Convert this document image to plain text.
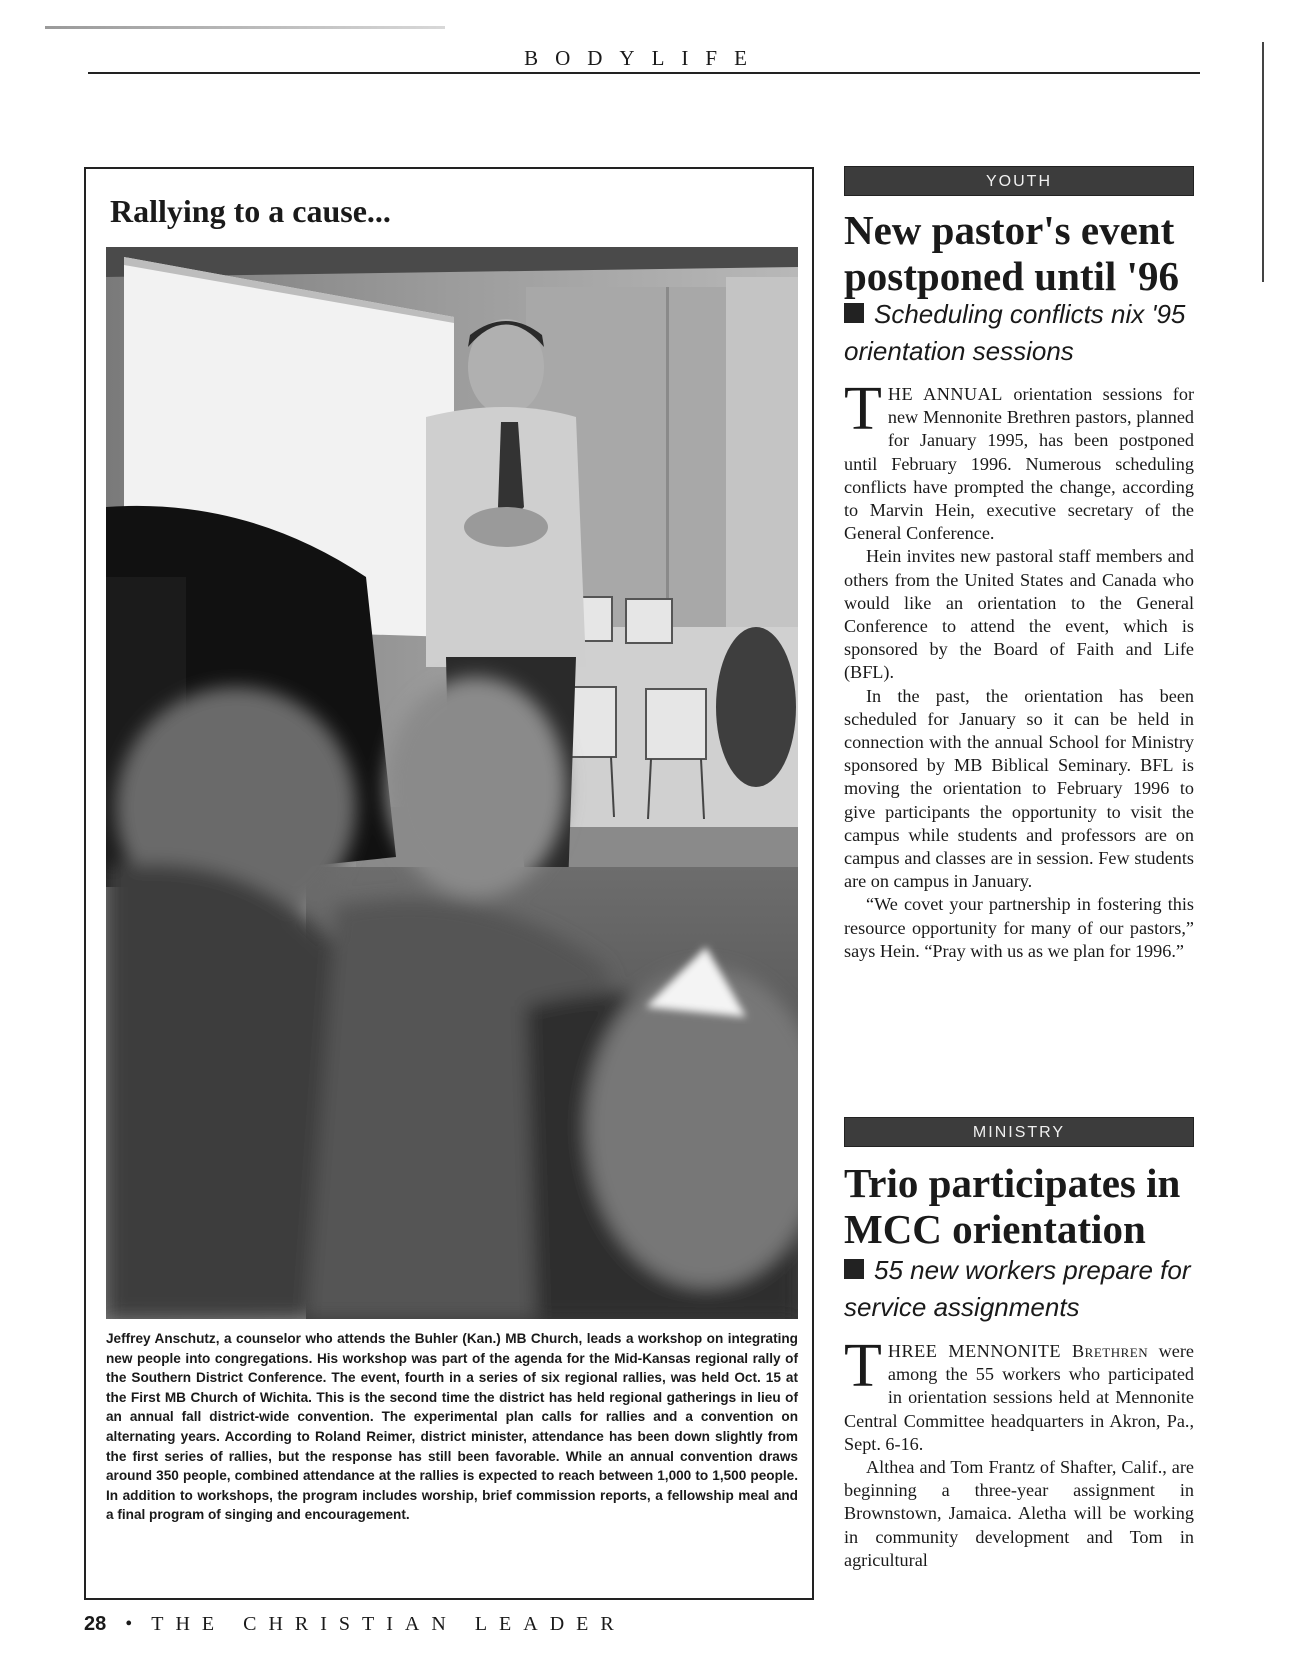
BODYLIFE
Rallying to a cause...
Jeffrey Anschutz, a counselor who attends the Buhler (Kan.) MB Church, leads a workshop on integrating new people into congregations. His workshop was part of the agenda for the Mid-Kansas regional rally of the Southern District Conference. The event, fourth in a series of six regional rallies, was held Oct. 15 at the First MB Church of Wichita. This is the second time the district has held regional gatherings in lieu of an annual fall district-wide convention. The experimental plan calls for rallies and a convention on alternating years. According to Roland Reimer, district minister, attendance has been down slightly from the first series of rallies, but the response has still been favorable. While an annual convention draws around 350 people, combined attendance at the rallies is expected to reach between 1,000 to 1,500 people. In addition to workshops, the program includes worship, brief commission reports, a fellowship meal and a final program of singing and encouragement.
YOUTH
New pastor's event postponed until '96
Scheduling conflicts nix '95 orientation sessions

THE ANNUAL orientation sessions for new Mennonite Brethren pastors, planned for January 1995, has been postponed until February 1996. Numerous scheduling conflicts have prompted the change, according to Marvin Hein, executive secretary of the General Conference.

Hein invites new pastoral staff members and others from the United States and Canada who would like an orientation to the General Conference to attend the event, which is sponsored by the Board of Faith and Life (BFL).

In the past, the orientation has been scheduled for January so it can be held in connection with the annual School for Ministry sponsored by MB Biblical Seminary. BFL is moving the orientation to February 1996 to give participants the opportunity to visit the campus while students and professors are on campus and classes are in session. Few students are on campus in January.

“We covet your partnership in fostering this resource opportunity for many of our pastors,” says Hein. “Pray with us as we plan for 1996.”

MINISTRY
Trio participates in MCC orientation
55 new workers prepare for service assignments

THREE MENNONITE Brethren were among the 55 workers who participated in orientation sessions held at Mennonite Central Committee headquarters in Akron, Pa., Sept. 6-16.

Althea and Tom Frantz of Shafter, Calif., are beginning a three-year assignment in Brownstown, Jamaica. Aletha will be working in community development and Tom in agricultural

28 • THE CHRISTIAN LEADER
